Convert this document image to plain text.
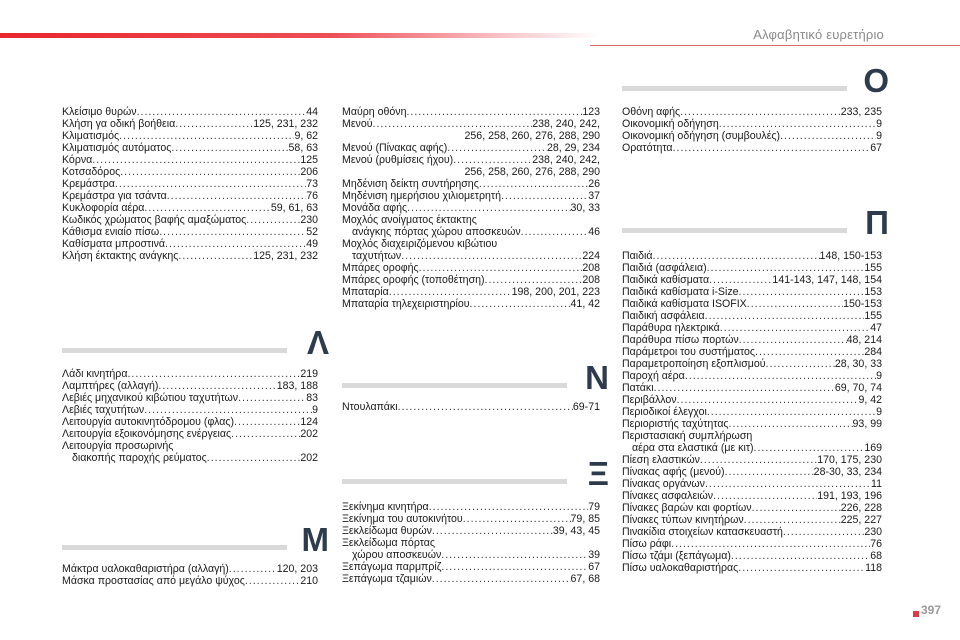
Αλφαβητικό ευρετήριο
Κλείσιμο θυρών .....	44
Κλήση γα οδική βοήθεια .....	125, 231, 232
Κλιματισμός .....	9, 62
Κλιματισμός αυτόματος .....	58, 63
Κόρνα .....	125
Κοτσαδόρος .....	206
Κρεμάστρα .....	73
Κρεμάστρα για τσάντα .....	76
Κυκλοφορία αέρα .....	59, 61, 63
Κωδικός χρώματος βαφής αμαξώματος .....	230
Κάθισμα ενιαίο πίσω .....	52
Καθίσματα μπροστινά .....	49
Κλήση έκτακτης ανάγκης .....	125, 231, 232
Λ
Λάδι κινητήρα .....	219
Λαμπτήρες (αλλαγή) .....	183, 188
Λεβιές μηχανικού κιβώτιου ταχυτήτων .....	83
Λεβιές ταχυτήτων .....	9
Λειτουργία αυτοκινητόδρομου (φλας) .....	124
Λειτουργία εξοικονόμησης ενέργειας .....	202
Λειτουργία προσωρινής
διακοπής παροχής ρεύματος .....	202
Μ
Μάκτρα υαλοκαθαριστήρα (αλλαγή) .....	120, 203
Μάσκα προστασίας από μεγάλο ψύχος .....	210
Μαύρη οθόνη .....	123
Μενού .....	238, 240, 242,
256, 258, 260, 276, 288, 290
Μενού (Πίνακας αφής) .....	28, 29, 234
Μενού (ρυθμίσεις ήχου) .....	238, 240, 242,
256, 258, 260, 276, 288, 290
Μηδένιση δείκτη συντήρησης .....	26
Μηδένιση ημερήσιου χιλιομετρητή .....	37
Μονάδα αφής .....	30, 33
Μοχλός ανοίγματος έκτακτης
ανάγκης πόρτας χώρου αποσκευών .....	46
Μοχλός διαχειριζόμενου κιβώτιου
ταχυτήτων .....	224
Μπάρες οροφής .....	208
Μπάρες οροφής (τοποθέτηση) .....	208
Μπαταρία .....	198, 200, 201, 223
Μπαταρία τηλεχειριστηρίου .....	41, 42
Ν
Ντουλαπάκι .....	69-71
Ξ
Ξεκίνημα κινητήρα .....	79
Ξεκίνημα του αυτοκινήτου .....	79, 85
Ξεκλείδωμα θυρών .....	39, 43, 45
Ξεκλείδωμα πόρτας
χώρου αποσκευών .....	39
Ξεπάγωμα παρμπρίζ .....	67
Ξεπάγωμα τζαμιών .....	67, 68
Ο
Οθόνη αφής .....	233, 235
Οικονομική οδήγηση .....	9
Οικονομική οδήγηση (συμβουλές) .....	9
Ορατότητα .....	67
Π
Παιδιά .....	148, 150-153
Παιδιά (ασφάλεια) .....	155
Παιδικά καθίσματα .....	141-143, 147, 148, 154
Παιδικά καθίσματα i-Size .....	153
Παιδικά καθίσματα ISOFIX .....	150-153
Παιδική ασφάλεια .....	155
Παράθυρα ηλεκτρικά .....	47
Παράθυρα πίσω πορτών .....	48, 214
Παράμετροι του συστήματος .....	284
Παραμετροποίηση εξοπλισμού .....	28, 30, 33
Παροχή αέρα .....	9
Πατάκι .....	69, 70, 74
Περιβάλλον .....	9, 42
Περιοδικοί έλεγχοι .....	9
Περιοριστής ταχύτητας .....	93, 99
Περιστασιακή συμπλήρωση
αέρα στα ελαστικά (με κιτ) .....	169
Πίεση ελαστικών .....	170, 175, 230
Πίνακας αφής (μενού) .....	28-30, 33, 234
Πίνακας οργάνων .....	11
Πίνακες ασφαλειών .....	191, 193, 196
Πίνακες βαρών και φορτίων .....	226, 228
Πίνακες τύπων κινητήρων .....	225, 227
Πινακίδια στοιχείων κατασκευαστή .....	230
Πίσω ράφι .....	76
Πίσω τζάμι (ξεπάγωμα) .....	68
Πίσω υαλοκαθαριστήρας .....	118
397
